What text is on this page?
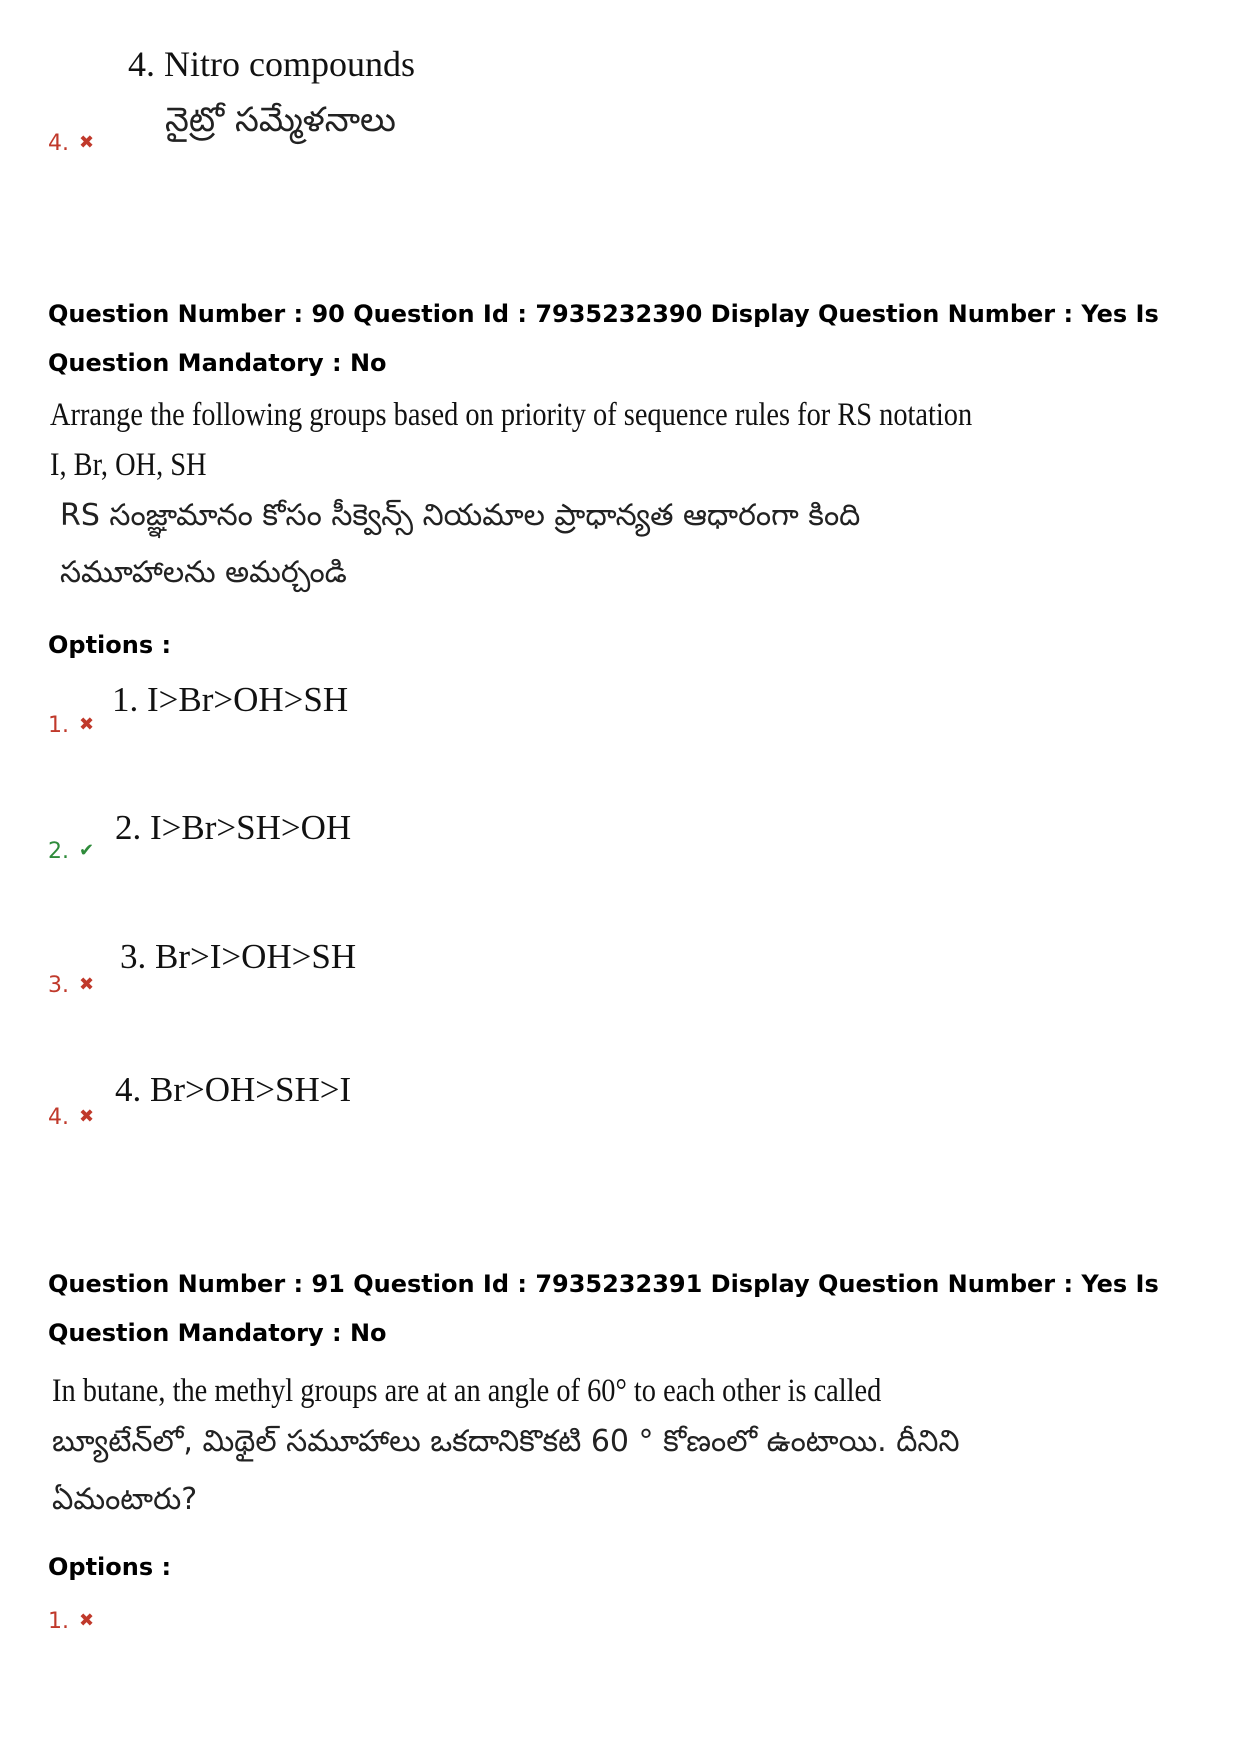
4. Nitro compounds
నైట్రో సమ్మేళనాలు
4. ✖
Question Number : 90 Question Id : 7935232390 Display Question Number : Yes Is Question Mandatory : No
Arrange the following groups based on priority of sequence rules for RS notation
I, Br, OH, SH
RS సంజ్ఞామానం కోసం సీక్వెన్స్ నియమాల ప్రాధాన్యత ఆధారంగా కింది
సమూహాలను అమర్చండి
Options :
1. I>Br>OH>SH
1. ✖
2. I>Br>SH>OH
2. ✔
3. Br>I>OH>SH
3. ✖
4. Br>OH>SH>I
4. ✖
Question Number : 91 Question Id : 7935232391 Display Question Number : Yes Is Question Mandatory : No
In butane, the methyl groups are at an angle of 60° to each other is called
బ్యూటేన్‌లో, మిథైల్ సమూహాలు ఒకదానికొకటి 60 ° కోణంలో ఉంటాయి. దీనిని
ఏమంటారు?
Options :
1. ✖
